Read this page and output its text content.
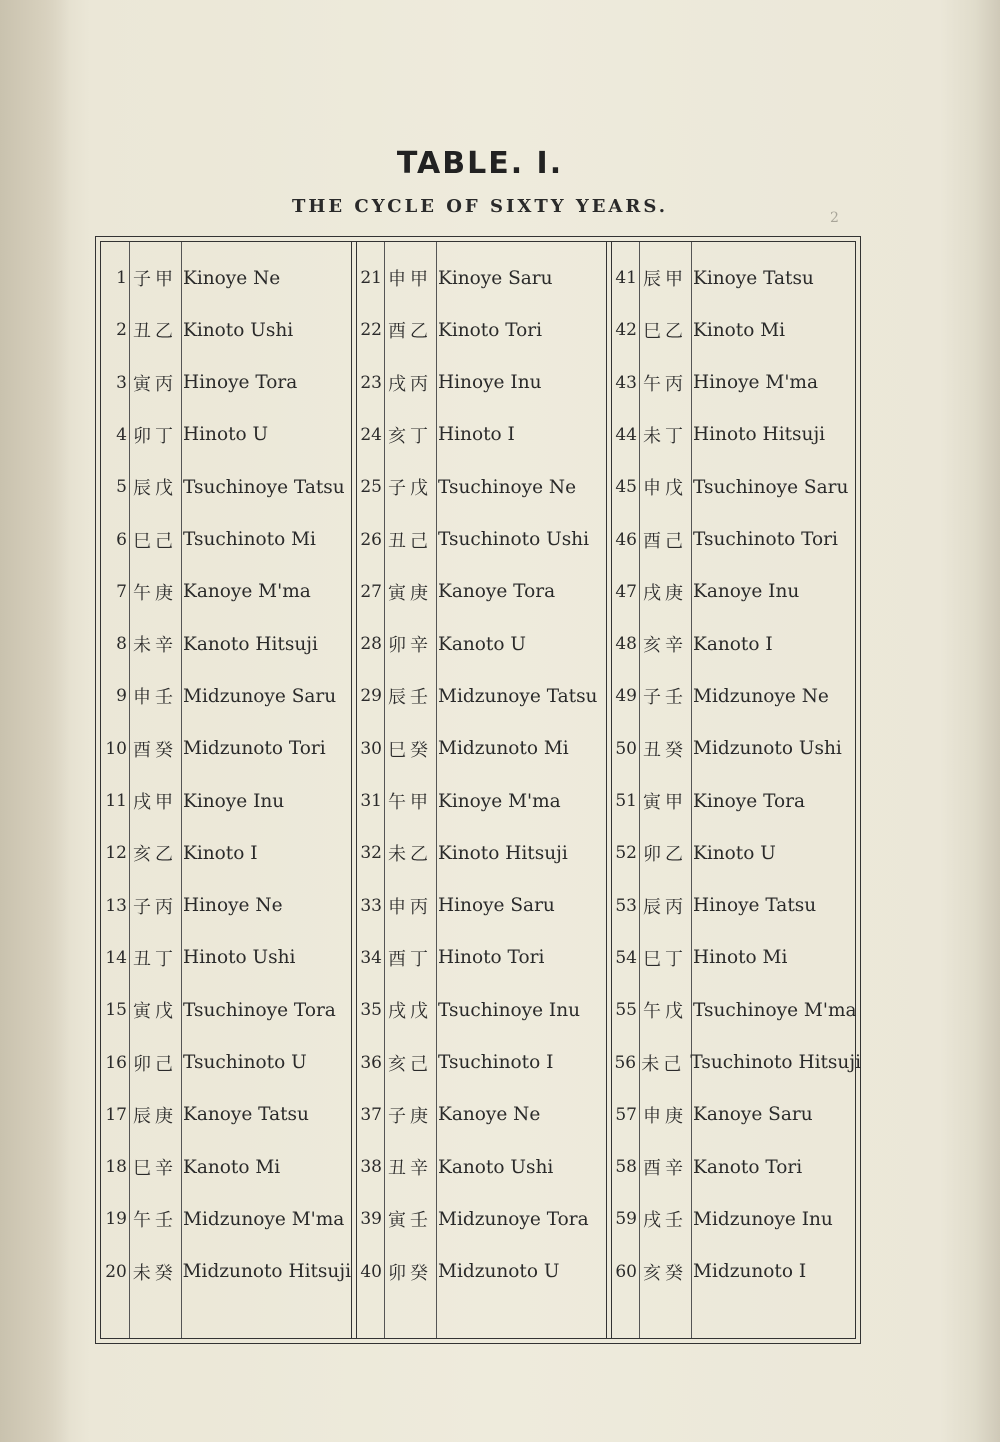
TABLE. I.
THE CYCLE OF SIXTY YEARS.
2
1 子甲 Kinoye Ne
2 丑乙 Kinoto Ushi
3 寅丙 Hinoye Tora
4 卯丁 Hinoto U
5 辰戊 Tsuchinoye Tatsu
6 巳己 Tsuchinoto Mi
7 午庚 Kanoye M'ma
8 未辛 Kanoto Hitsuji
9 申壬 Midzunoye Saru
10 酉癸 Midzunoto Tori
11 戌甲 Kinoye Inu
12 亥乙 Kinoto I
13 子丙 Hinoye Ne
14 丑丁 Hinoto Ushi
15 寅戊 Tsuchinoye Tora
16 卯己 Tsuchinoto U
17 辰庚 Kanoye Tatsu
18 巳辛 Kanoto Mi
19 午壬 Midzunoye M'ma
20 未癸 Midzunoto Hitsuji
21 申甲 Kinoye Saru
22 酉乙 Kinoto Tori
23 戌丙 Hinoye Inu
24 亥丁 Hinoto I
25 子戊 Tsuchinoye Ne
26 丑己 Tsuchinoto Ushi
27 寅庚 Kanoye Tora
28 卯辛 Kanoto U
29 辰壬 Midzunoye Tatsu
30 巳癸 Midzunoto Mi
31 午甲 Kinoye M'ma
32 未乙 Kinoto Hitsuji
33 申丙 Hinoye Saru
34 酉丁 Hinoto Tori
35 戌戊 Tsuchinoye Inu
36 亥己 Tsuchinoto I
37 子庚 Kanoye Ne
38 丑辛 Kanoto Ushi
39 寅壬 Midzunoye Tora
40 卯癸 Midzunoto U
41 辰甲 Kinoye Tatsu
42 巳乙 Kinoto Mi
43 午丙 Hinoye M'ma
44 未丁 Hinoto Hitsuji
45 申戊 Tsuchinoye Saru
46 酉己 Tsuchinoto Tori
47 戌庚 Kanoye Inu
48 亥辛 Kanoto I
49 子壬 Midzunoye Ne
50 丑癸 Midzunoto Ushi
51 寅甲 Kinoye Tora
52 卯乙 Kinoto U
53 辰丙 Hinoye Tatsu
54 巳丁 Hinoto Mi
55 午戊 Tsuchinoye M'ma
56 未己 Tsuchinoto Hitsuji
57 申庚 Kanoye Saru
58 酉辛 Kanoto Tori
59 戌壬 Midzunoye Inu
60 亥癸 Midzunoto I
